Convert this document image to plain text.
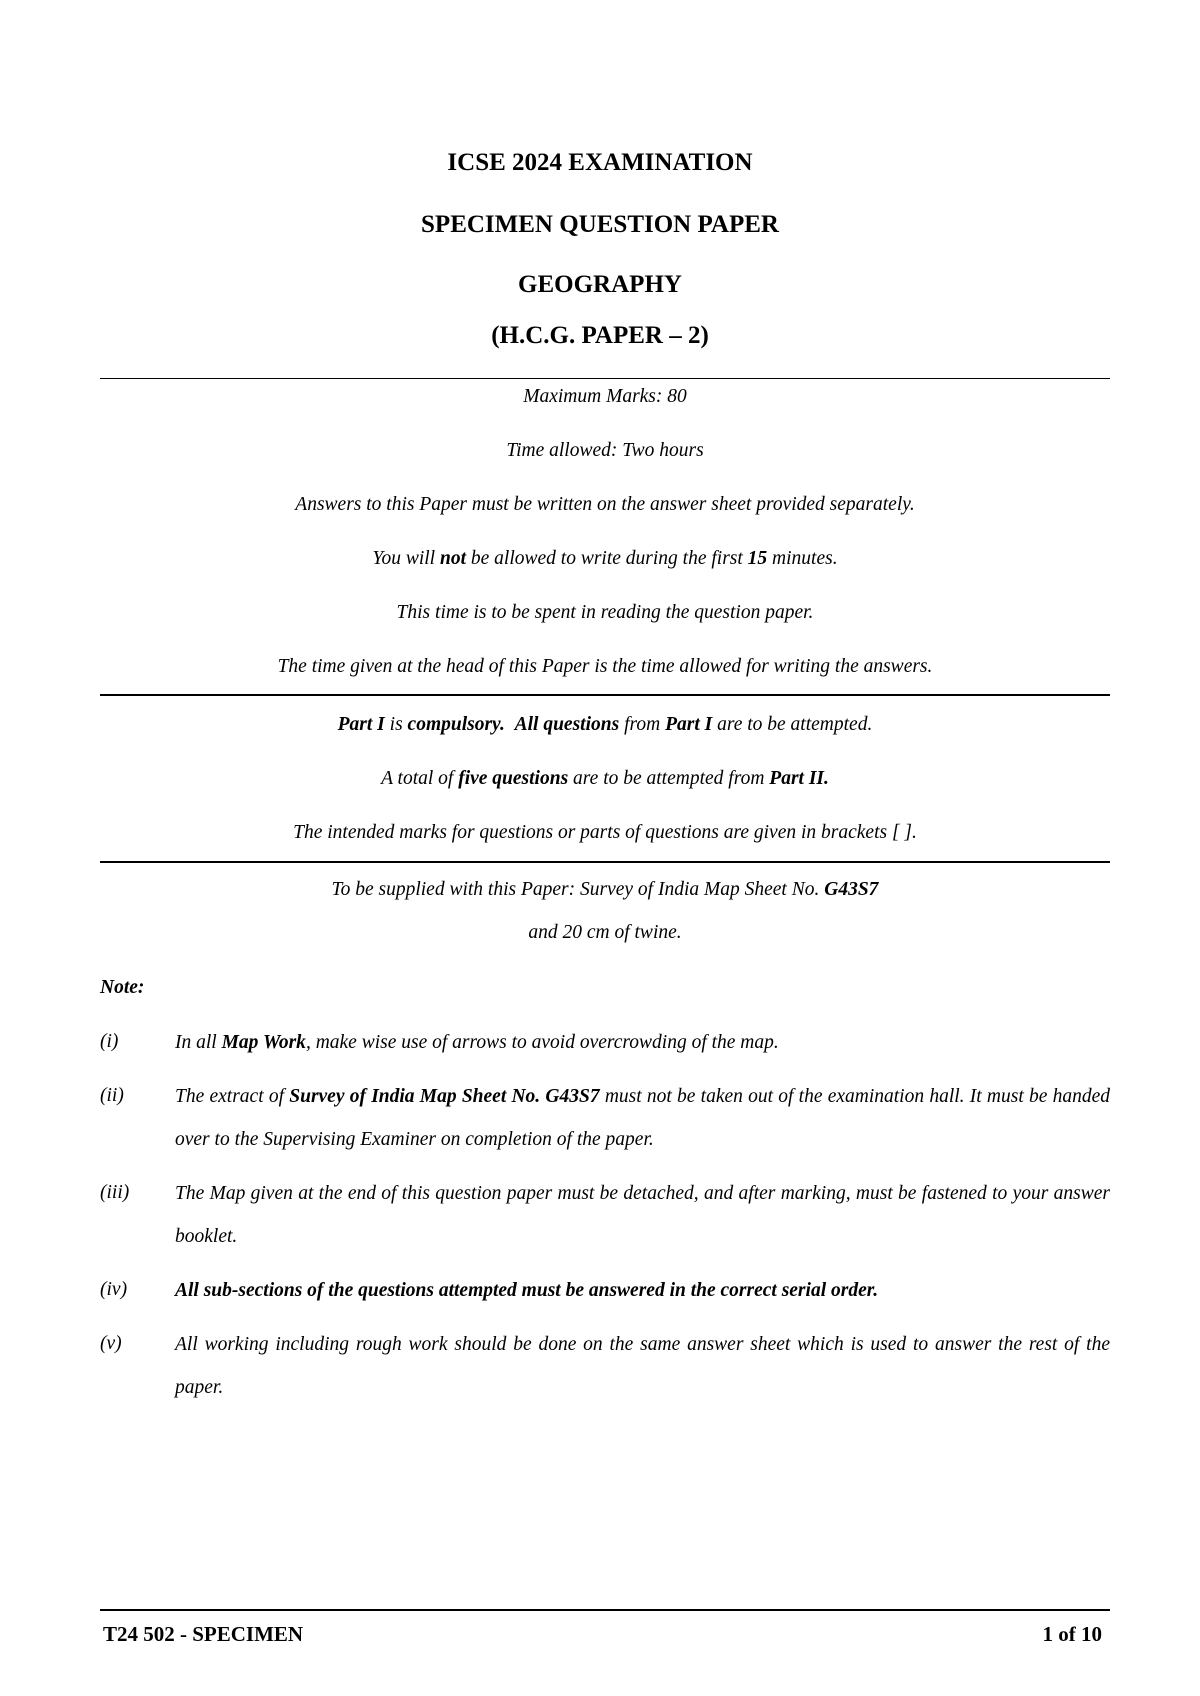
ICSE 2024 EXAMINATION
SPECIMEN QUESTION PAPER
GEOGRAPHY
(H.C.G. PAPER – 2)
Maximum Marks: 80
Time allowed: Two hours
Answers to this Paper must be written on the answer sheet provided separately.
You will not be allowed to write during the first 15 minutes.
This time is to be spent in reading the question paper.
The time given at the head of this Paper is the time allowed for writing the answers.
Part I is compulsory. All questions from Part I are to be attempted.
A total of five questions are to be attempted from Part II.
The intended marks for questions or parts of questions are given in brackets [ ].
To be supplied with this Paper: Survey of India Map Sheet No. G43S7
and 20 cm of twine.
Note:
(i)	In all Map Work, make wise use of arrows to avoid overcrowding of the map.
(ii)	The extract of Survey of India Map Sheet No. G43S7 must not be taken out of the examination hall. It must be handed over to the Supervising Examiner on completion of the paper.
(iii) The Map given at the end of this question paper must be detached, and after marking, must be fastened to your answer booklet.
(iv) All sub-sections of the questions attempted must be answered in the correct serial order.
(v)	All working including rough work should be done on the same answer sheet which is used to answer the rest of the paper.
T24 502 - SPECIMEN	1 of 10
